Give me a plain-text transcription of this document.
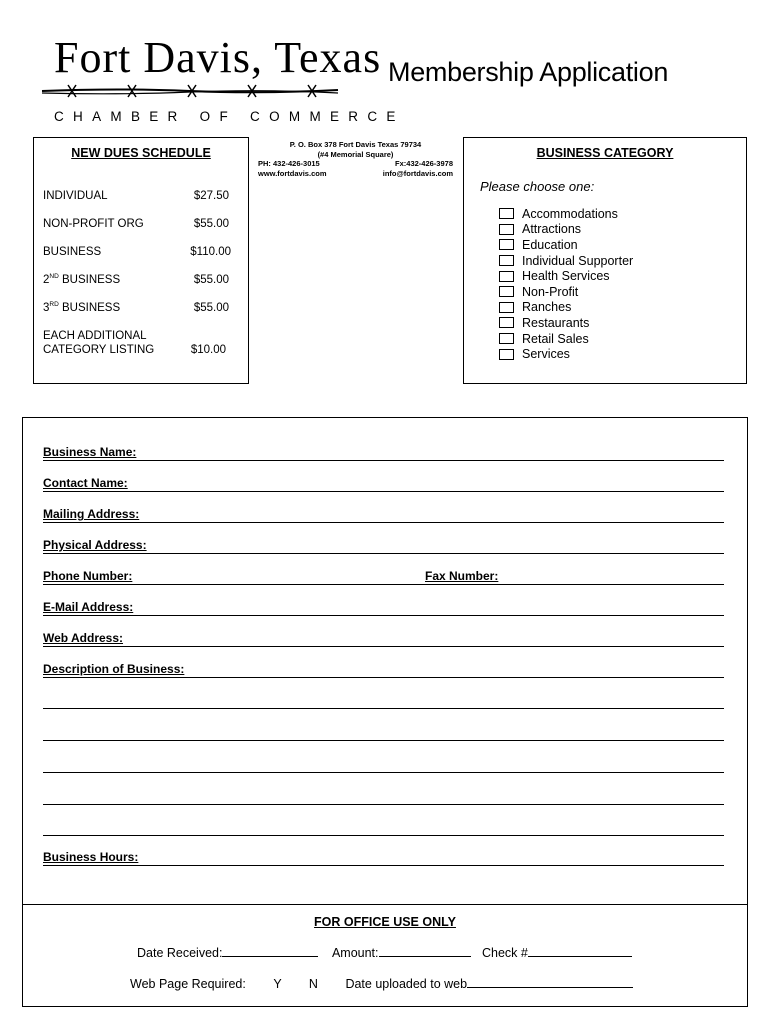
Fort Davis, Texas
CHAMBER OF COMMERCE
Membership Application
P. O. Box 378 Fort Davis Texas 79734
(#4 Memorial Square)
PH: 432-426-3015	Fx:432-426-3978
www.fortdavis.com	info@fortdavis.com
NEW DUES SCHEDULE
INDIVIDUAL	$27.50
NON-PROFIT ORG	$55.00
BUSINESS	$110.00
2ND BUSINESS	$55.00
3RD BUSINESS	$55.00
EACH ADDITIONAL
CATEGORY LISTING	$10.00
BUSINESS CATEGORY
Please choose one:
Accommodations
Attractions
Education
Individual Supporter
Health Services
Non-Profit
Ranches
Restaurants
Retail Sales
Services
Business Name:
Contact Name:
Mailing Address:
Physical Address:
Phone Number:	Fax Number:
E-Mail Address:
Web Address:
Description of Business:
Business Hours:
FOR OFFICE USE ONLY
Date Received:	Amount:	Check #
Web Page Required: Y N Date uploaded to web
